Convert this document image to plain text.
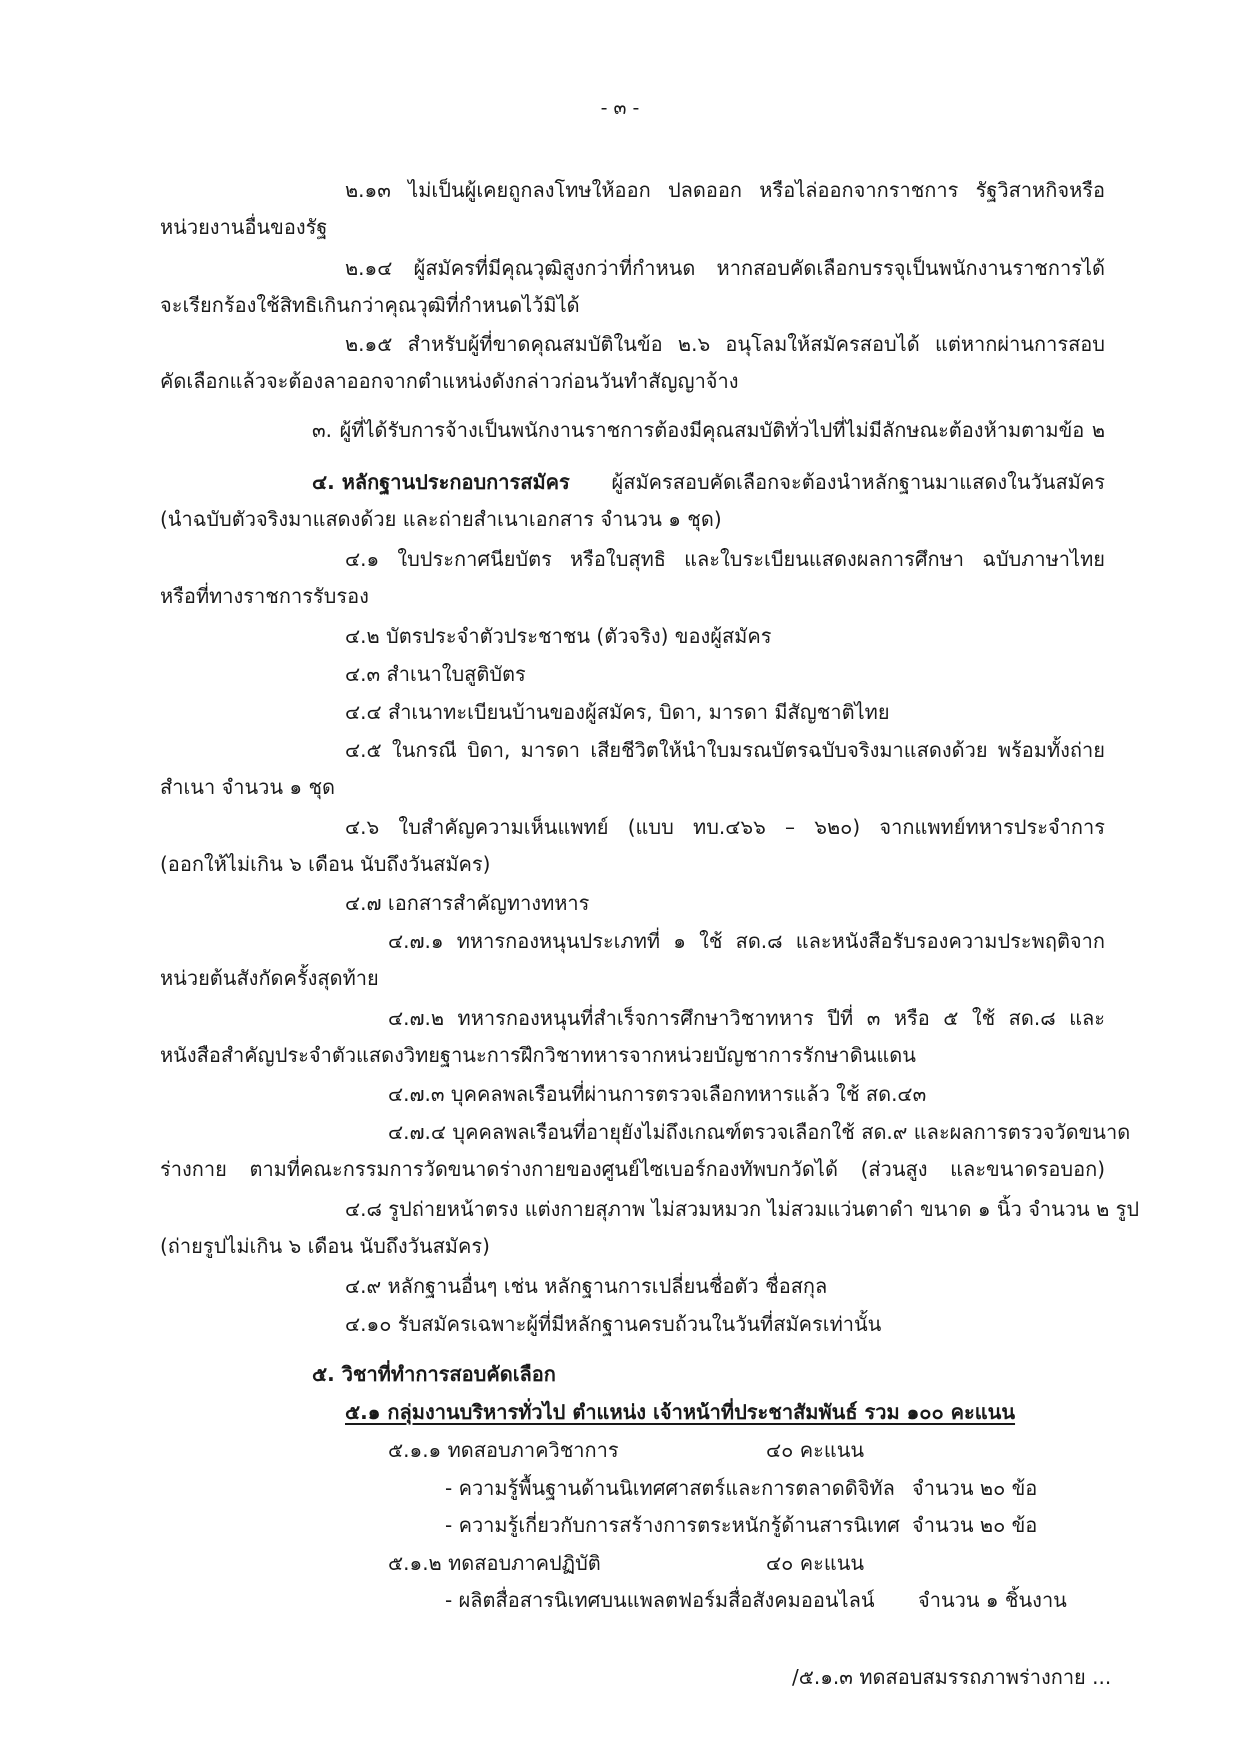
- ๓ -
๒.๑๓ ไม่เป็นผู้เคยถูกลงโทษให้ออก ปลดออก หรือไล่ออกจากราชการ รัฐวิสาหกิจหรือ
หน่วยงานอื่นของรัฐ
๒.๑๔ ผู้สมัครที่มีคุณวุฒิสูงกว่าที่กำหนด หากสอบคัดเลือกบรรจุเป็นพนักงานราชการได้
จะเรียกร้องใช้สิทธิเกินกว่าคุณวุฒิที่กำหนดไว้มิได้
๒.๑๕ สำหรับผู้ที่ขาดคุณสมบัติในข้อ ๒.๖ อนุโลมให้สมัครสอบได้ แต่หากผ่านการสอบ
คัดเลือกแล้วจะต้องลาออกจากตำแหน่งดังกล่าวก่อนวันทำสัญญาจ้าง
๓. ผู้ที่ได้รับการจ้างเป็นพนักงานราชการต้องมีคุณสมบัติทั่วไปที่ไม่มีลักษณะต้องห้ามตามข้อ ๒
๔. หลักฐานประกอบการสมัคร ผู้สมัครสอบคัดเลือกจะต้องนำหลักฐานมาแสดงในวันสมัคร
(นำฉบับตัวจริงมาแสดงด้วย และถ่ายสำเนาเอกสาร จำนวน ๑ ชุด)
๔.๑ ใบประกาศนียบัตร หรือใบสุทธิ และใบระเบียนแสดงผลการศึกษา ฉบับภาษาไทย
หรือที่ทางราชการรับรอง
๔.๒ บัตรประจำตัวประชาชน (ตัวจริง) ของผู้สมัคร
๔.๓ สำเนาใบสูติบัตร
๔.๔ สำเนาทะเบียนบ้านของผู้สมัคร, บิดา, มารดา มีสัญชาติไทย
๔.๕ ในกรณี บิดา, มารดา เสียชีวิตให้นำใบมรณบัตรฉบับจริงมาแสดงด้วย พร้อมทั้งถ่าย
สำเนา จำนวน ๑ ชุด
๔.๖ ใบสำคัญความเห็นแพทย์ (แบบ ทบ.๔๖๖ – ๖๒๐) จากแพทย์ทหารประจำการ
(ออกให้ไม่เกิน ๖ เดือน นับถึงวันสมัคร)
๔.๗ เอกสารสำคัญทางทหาร
๔.๗.๑ ทหารกองหนุนประเภทที่ ๑ ใช้ สด.๘ และหนังสือรับรองความประพฤติจาก
หน่วยต้นสังกัดครั้งสุดท้าย
๔.๗.๒ ทหารกองหนุนที่สำเร็จการศึกษาวิชาทหาร ปีที่ ๓ หรือ ๕ ใช้ สด.๘ และ
หนังสือสำคัญประจำตัวแสดงวิทยฐานะการฝึกวิชาทหารจากหน่วยบัญชาการรักษาดินแดน
๔.๗.๓ บุคคลพลเรือนที่ผ่านการตรวจเลือกทหารแล้ว ใช้ สด.๔๓
๔.๗.๔ บุคคลพลเรือนที่อายุยังไม่ถึงเกณฑ์ตรวจเลือกใช้ สด.๙ และผลการตรวจวัดขนาด
ร่างกาย ตามที่คณะกรรมการวัดขนาดร่างกายของศูนย์ไซเบอร์กองทัพบกวัดได้ (ส่วนสูง และขนาดรอบอก)
๔.๘ รูปถ่ายหน้าตรง แต่งกายสุภาพ ไม่สวมหมวก ไม่สวมแว่นตาดำ ขนาด ๑ นิ้ว จำนวน ๒ รูป
(ถ่ายรูปไม่เกิน ๖ เดือน นับถึงวันสมัคร)
๔.๙ หลักฐานอื่นๆ เช่น หลักฐานการเปลี่ยนชื่อตัว ชื่อสกุล
๔.๑๐ รับสมัครเฉพาะผู้ที่มีหลักฐานครบถ้วนในวันที่สมัครเท่านั้น
๕. วิชาที่ทำการสอบคัดเลือก
๕.๑ กลุ่มงานบริหารทั่วไป ตำแหน่ง เจ้าหน้าที่ประชาสัมพันธ์ รวม ๑๐๐ คะแนน
๕.๑.๑ ทดสอบภาควิชาการ	๔๐ คะแนน
- ความรู้พื้นฐานด้านนิเทศศาสตร์และการตลาดดิจิทัล จำนวน ๒๐ ข้อ
- ความรู้เกี่ยวกับการสร้างการตระหนักรู้ด้านสารนิเทศ จำนวน ๒๐ ข้อ
๕.๑.๒ ทดสอบภาคปฏิบัติ	๔๐ คะแนน
- ผลิตสื่อสารนิเทศบนแพลตฟอร์มสื่อสังคมออนไลน์ จำนวน ๑ ชิ้นงาน
/๕.๑.๓ ทดสอบสมรรถภาพร่างกาย ...
